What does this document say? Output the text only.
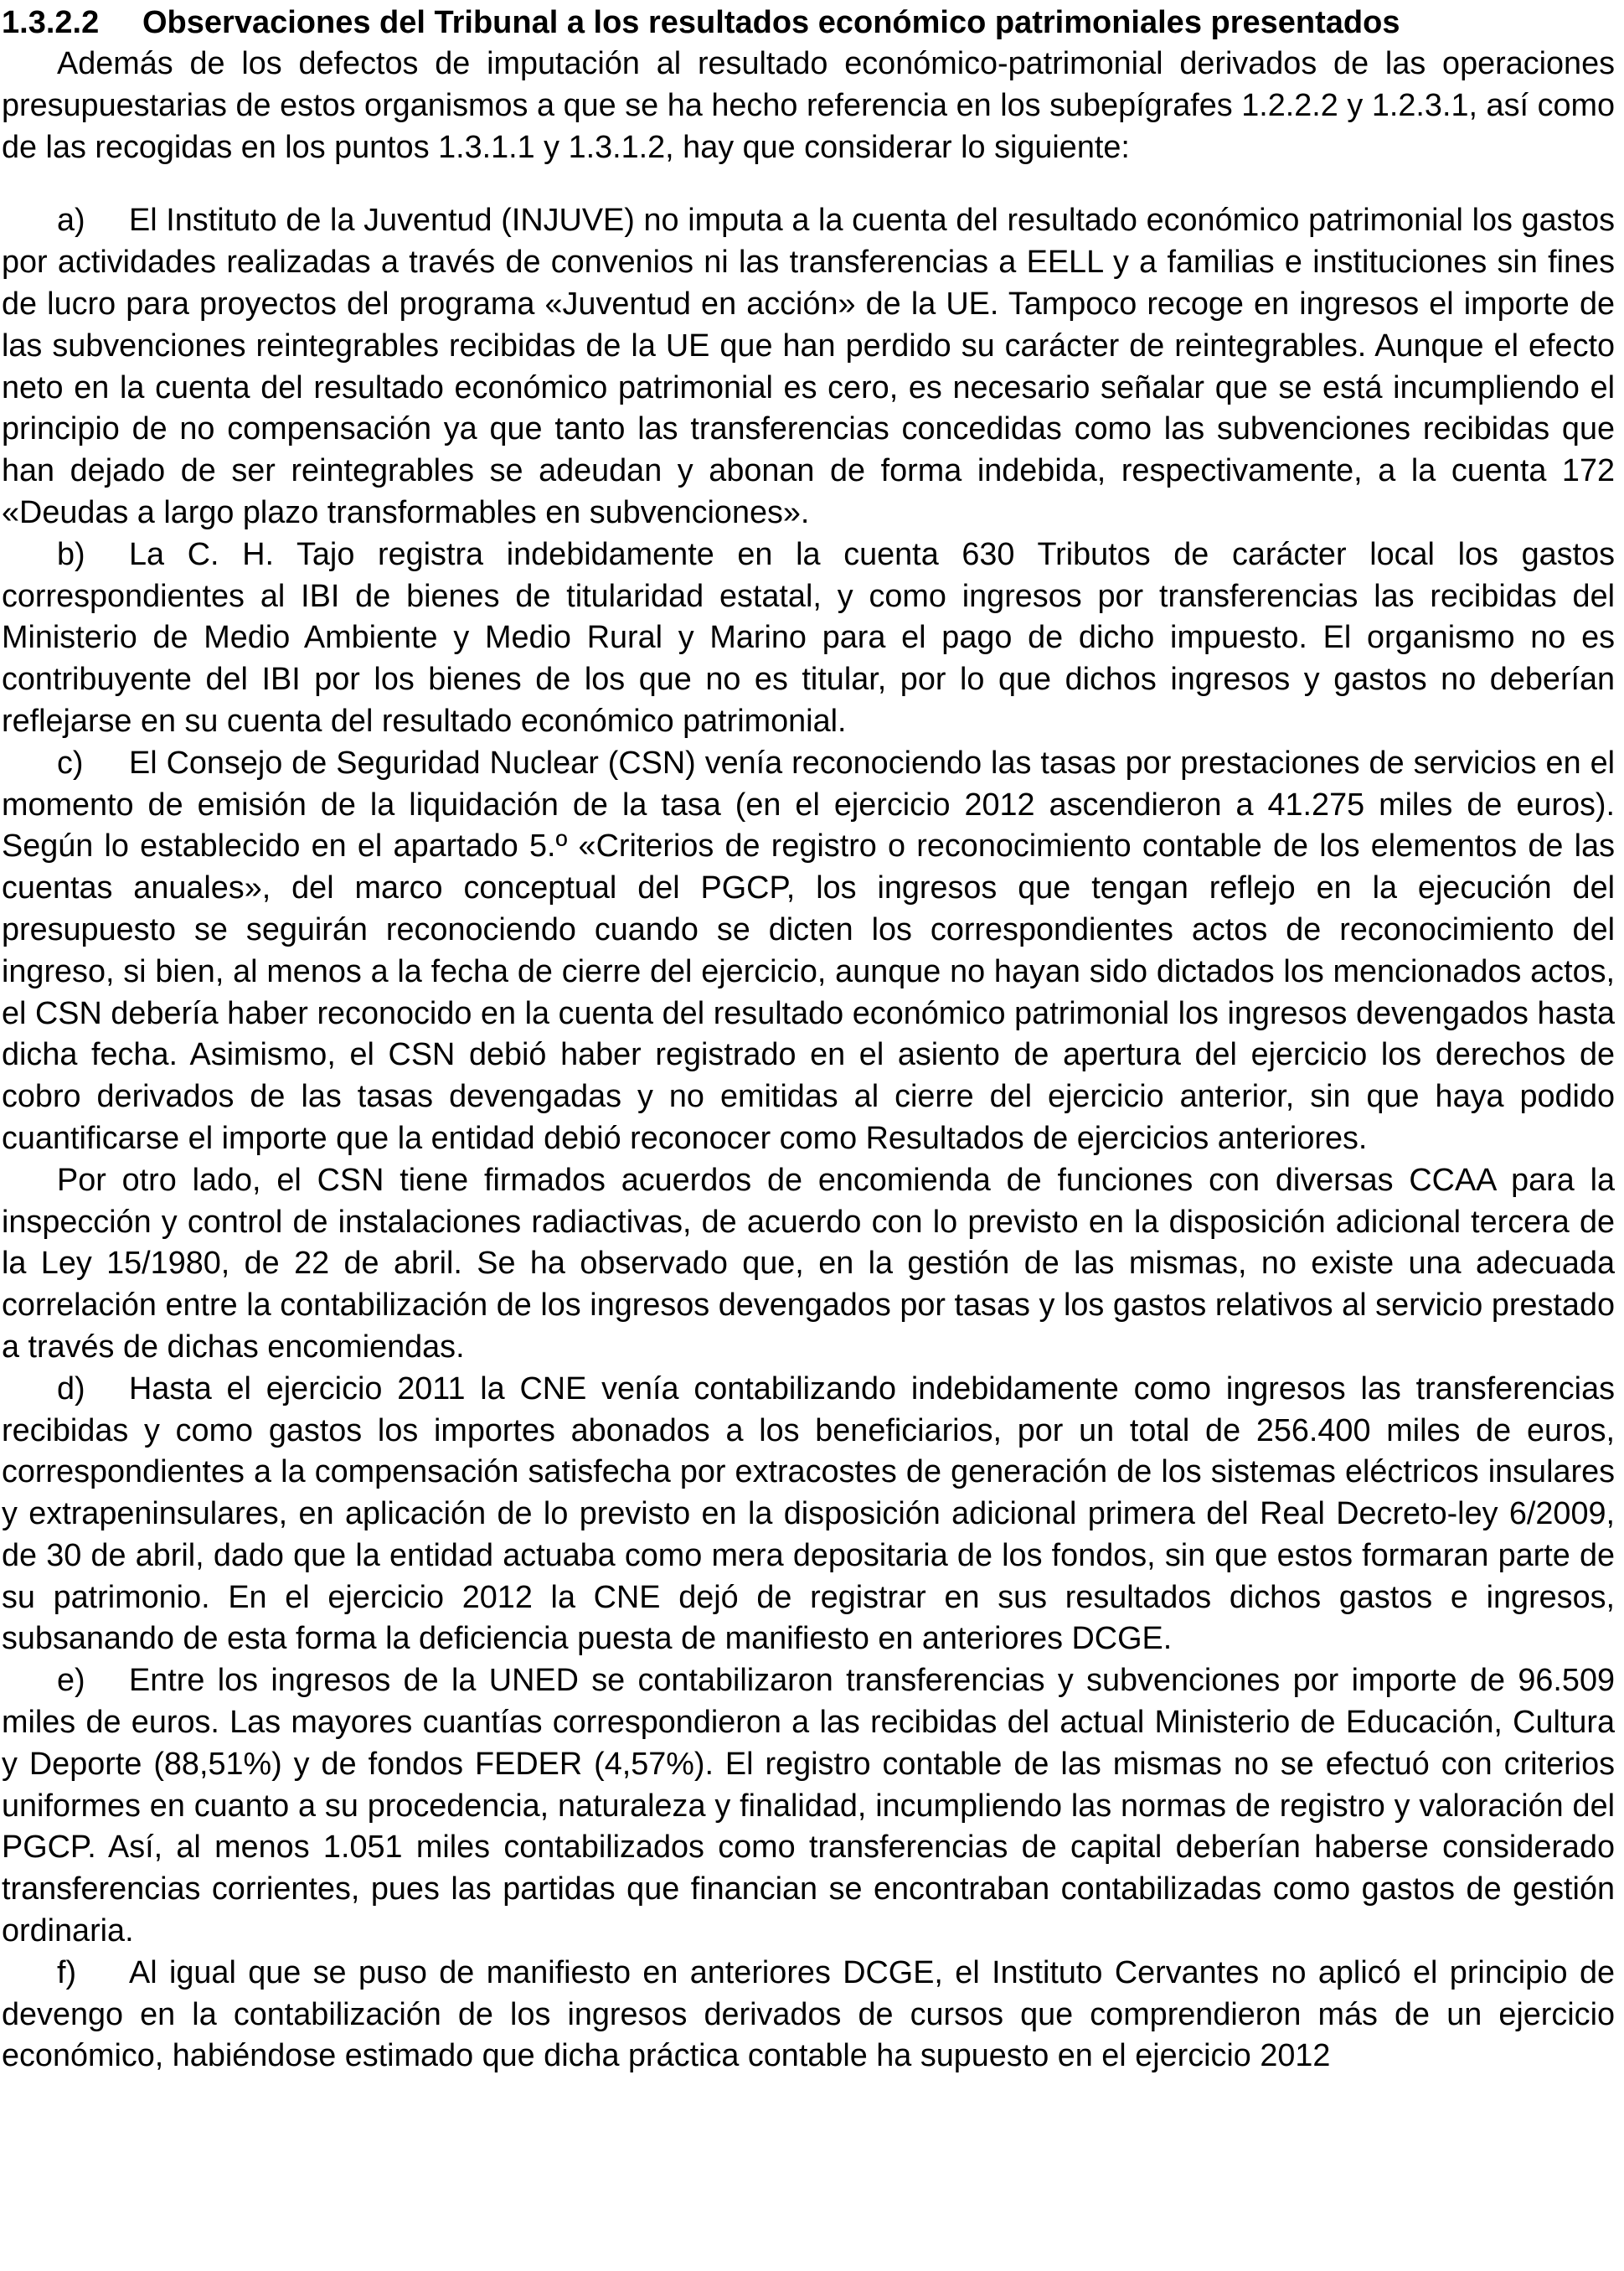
1.3.2.2 Observaciones del Tribunal a los resultados económico patrimoniales presentados

Además de los defectos de imputación al resultado económico-patrimonial derivados de las operaciones presupuestarias de estos organismos a que se ha hecho referencia en los subepígrafes 1.2.2.2 y 1.2.3.1, así como de las recogidas en los puntos 1.3.1.1 y 1.3.1.2, hay que considerar lo siguiente:

a) El Instituto de la Juventud (INJUVE) no imputa a la cuenta del resultado económico patrimonial los gastos por actividades realizadas a través de convenios ni las transferencias a EELL y a familias e instituciones sin fines de lucro para proyectos del programa «Juventud en acción» de la UE. Tampoco recoge en ingresos el importe de las subvenciones reintegrables recibidas de la UE que han perdido su carácter de reintegrables. Aunque el efecto neto en la cuenta del resultado económico patrimonial es cero, es necesario señalar que se está incumpliendo el principio de no compensación ya que tanto las transferencias concedidas como las subvenciones recibidas que han dejado de ser reintegrables se adeudan y abonan de forma indebida, respectivamente, a la cuenta 172 «Deudas a largo plazo transformables en subvenciones».

b) La C. H. Tajo registra indebidamente en la cuenta 630 Tributos de carácter local los gastos correspondientes al IBI de bienes de titularidad estatal, y como ingresos por transferencias las recibidas del Ministerio de Medio Ambiente y Medio Rural y Marino para el pago de dicho impuesto. El organismo no es contribuyente del IBI por los bienes de los que no es titular, por lo que dichos ingresos y gastos no deberían reflejarse en su cuenta del resultado económico patrimonial.

c) El Consejo de Seguridad Nuclear (CSN) venía reconociendo las tasas por prestaciones de servicios en el momento de emisión de la liquidación de la tasa (en el ejercicio 2012 ascendieron a 41.275 miles de euros). Según lo establecido en el apartado 5.º «Criterios de registro o reconocimiento contable de los elementos de las cuentas anuales», del marco conceptual del PGCP, los ingresos que tengan reflejo en la ejecución del presupuesto se seguirán reconociendo cuando se dicten los correspondientes actos de reconocimiento del ingreso, si bien, al menos a la fecha de cierre del ejercicio, aunque no hayan sido dictados los mencionados actos, el CSN debería haber reconocido en la cuenta del resultado económico patrimonial los ingresos devengados hasta dicha fecha. Asimismo, el CSN debió haber registrado en el asiento de apertura del ejercicio los derechos de cobro derivados de las tasas devengadas y no emitidas al cierre del ejercicio anterior, sin que haya podido cuantificarse el importe que la entidad debió reconocer como Resultados de ejercicios anteriores.

Por otro lado, el CSN tiene firmados acuerdos de encomienda de funciones con diversas CCAA para la inspección y control de instalaciones radiactivas, de acuerdo con lo previsto en la disposición adicional tercera de la Ley 15/1980, de 22 de abril. Se ha observado que, en la gestión de las mismas, no existe una adecuada correlación entre la contabilización de los ingresos devengados por tasas y los gastos relativos al servicio prestado a través de dichas encomiendas.

d) Hasta el ejercicio 2011 la CNE venía contabilizando indebidamente como ingresos las transferencias recibidas y como gastos los importes abonados a los beneficiarios, por un total de 256.400 miles de euros, correspondientes a la compensación satisfecha por extracostes de generación de los sistemas eléctricos insulares y extrapeninsulares, en aplicación de lo previsto en la disposición adicional primera del Real Decreto-ley 6/2009, de 30 de abril, dado que la entidad actuaba como mera depositaria de los fondos, sin que estos formaran parte de su patrimonio. En el ejercicio 2012 la CNE dejó de registrar en sus resultados dichos gastos e ingresos, subsanando de esta forma la deficiencia puesta de manifiesto en anteriores DCGE.

e) Entre los ingresos de la UNED se contabilizaron transferencias y subvenciones por importe de 96.509 miles de euros. Las mayores cuantías correspondieron a las recibidas del actual Ministerio de Educación, Cultura y Deporte (88,51%) y de fondos FEDER (4,57%). El registro contable de las mismas no se efectuó con criterios uniformes en cuanto a su procedencia, naturaleza y finalidad, incumpliendo las normas de registro y valoración del PGCP. Así, al menos 1.051 miles contabilizados como transferencias de capital deberían haberse considerado transferencias corrientes, pues las partidas que financian se encontraban contabilizadas como gastos de gestión ordinaria.

f) Al igual que se puso de manifiesto en anteriores DCGE, el Instituto Cervantes no aplicó el principio de devengo en la contabilización de los ingresos derivados de cursos que comprendieron más de un ejercicio económico, habiéndose estimado que dicha práctica contable ha supuesto en el ejercicio 2012
